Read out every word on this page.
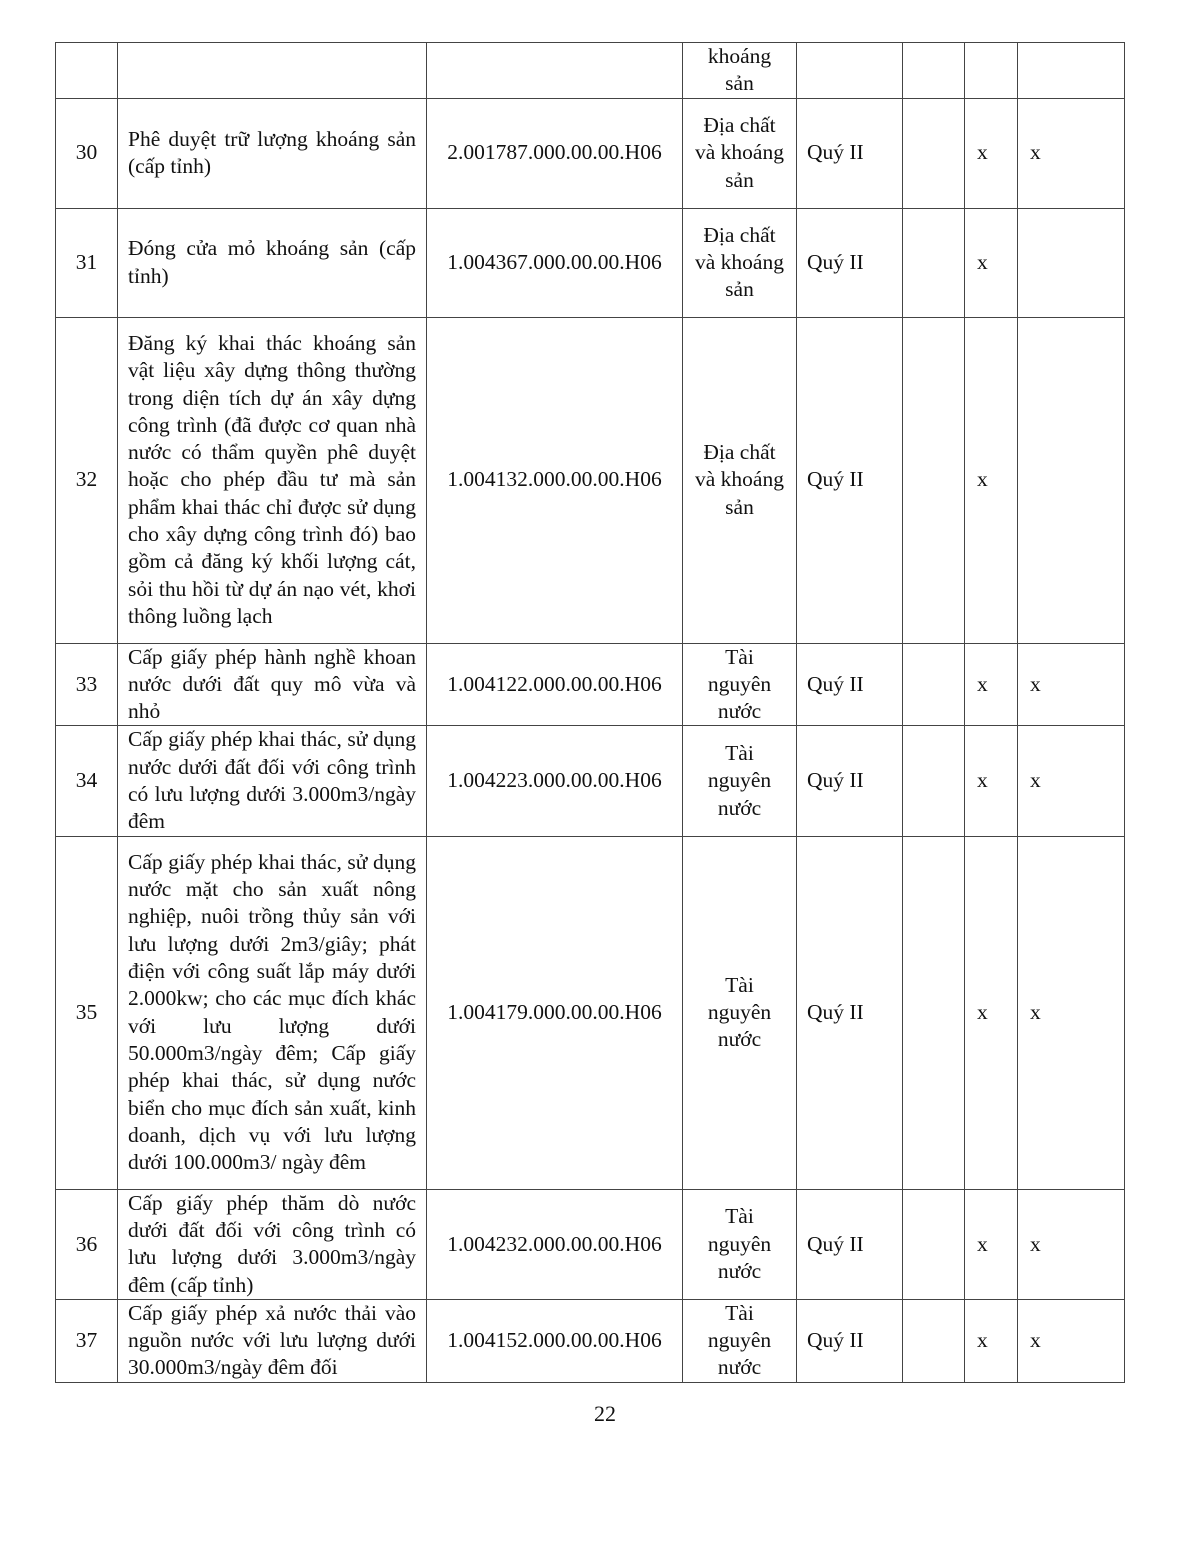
			khoáng sản				
30	Phê duyệt trữ lượng khoáng sản (cấp tỉnh)	2.001787.000.00.00.H06	Địa chất và khoáng sản	Quý II		x	x
31	Đóng cửa mỏ khoáng sản (cấp tỉnh)	1.004367.000.00.00.H06	Địa chất và khoáng sản	Quý II		x	
32	Đăng ký khai thác khoáng sản vật liệu xây dựng thông thường trong diện tích dự án xây dựng công trình (đã được cơ quan nhà nước có thẩm quyền phê duyệt hoặc cho phép đầu tư mà sản phẩm khai thác chỉ được sử dụng cho xây dựng công trình đó) bao gồm cả đăng ký khối lượng cát, sỏi thu hồi từ dự án nạo vét, khơi thông luồng lạch	1.004132.000.00.00.H06	Địa chất và khoáng sản	Quý II		x	
33	Cấp giấy phép hành nghề khoan nước dưới đất quy mô vừa và nhỏ	1.004122.000.00.00.H06	Tài nguyên nước	Quý II		x	x
34	Cấp giấy phép khai thác, sử dụng nước dưới đất đối với công trình có lưu lượng dưới 3.000m3/ngày đêm	1.004223.000.00.00.H06	Tài nguyên nước	Quý II		x	x
35	Cấp giấy phép khai thác, sử dụng nước mặt cho sản xuất nông nghiệp, nuôi trồng thủy sản với lưu lượng dưới 2m3/giây; phát điện với công suất lắp máy dưới 2.000kw; cho các mục đích khác với lưu lượng dưới 50.000m3/ngày đêm; Cấp giấy phép khai thác, sử dụng nước biển cho mục đích sản xuất, kinh doanh, dịch vụ với lưu lượng dưới 100.000m3/ ngày đêm	1.004179.000.00.00.H06	Tài nguyên nước	Quý II		x	x
36	Cấp giấy phép thăm dò nước dưới đất đối với công trình có lưu lượng dưới 3.000m3/ngày đêm (cấp tỉnh)	1.004232.000.00.00.H06	Tài nguyên nước	Quý II		x	x
37	Cấp giấy phép xả nước thải vào nguồn nước với lưu lượng dưới 30.000m3/ngày đêm đối	1.004152.000.00.00.H06	Tài nguyên nước	Quý II		x	x
22
